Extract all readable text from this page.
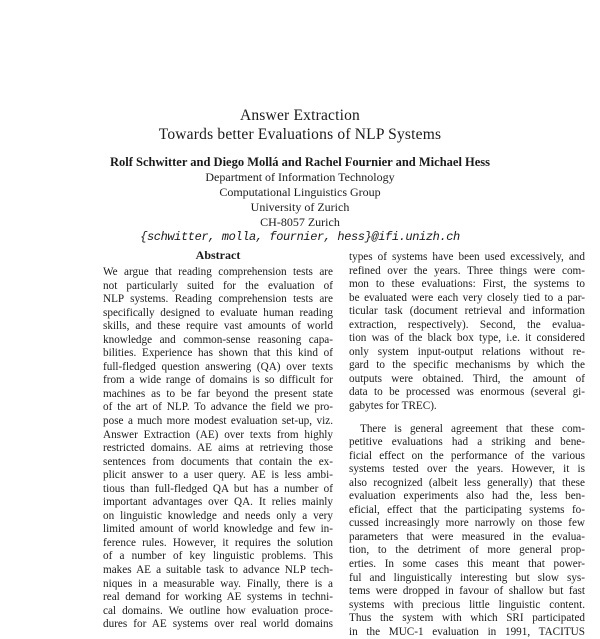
Answer Extraction
Towards better Evaluations of NLP Systems
Rolf Schwitter and Diego Mollá and Rachel Fournier and Michael Hess
Department of Information Technology
Computational Linguistics Group
University of Zurich
CH-8057 Zurich
{schwitter, molla, fournier, hess}@ifi.unizh.ch
Abstract
We argue that reading comprehension tests are
not particularly suited for the evaluation of
NLP systems. Reading comprehension tests are
specifically designed to evaluate human reading
skills, and these require vast amounts of world
knowledge and common-sense reasoning capa-
bilities. Experience has shown that this kind of
full-fledged question answering (QA) over texts
from a wide range of domains is so difficult for
machines as to be far beyond the present state
of the art of NLP. To advance the field we pro-
pose a much more modest evaluation set-up, viz.
Answer Extraction (AE) over texts from highly
restricted domains. AE aims at retrieving those
sentences from documents that contain the ex-
plicit answer to a user query. AE is less ambi-
tious than full-fledged QA but has a number of
important advantages over QA. It relies mainly
on linguistic knowledge and needs only a very
limited amount of world knowledge and few in-
ference rules. However, it requires the solution
of a number of key linguistic problems. This
makes AE a suitable task to advance NLP tech-
niques in a measurable way. Finally, there is a
real demand for working AE systems in techni-
cal domains. We outline how evaluation proce-
dures for AE systems over real world domains
types of systems have been used excessively, and
refined over the years. Three things were com-
mon to these evaluations: First, the systems to
be evaluated were each very closely tied to a par-
ticular task (document retrieval and information
extraction, respectively). Second, the evalua-
tion was of the black box type, i.e. it considered
only system input-output relations without re-
gard to the specific mechanisms by which the
outputs were obtained. Third, the amount of
data to be processed was enormous (several gi-
gabytes for TREC).
There is general agreement that these com-
petitive evaluations had a striking and bene-
ficial effect on the performance of the various
systems tested over the years. However, it is
also recognized (albeit less generally) that these
evaluation experiments also had the, less ben-
eficial, effect that the participating systems fo-
cussed increasingly more narrowly on those few
parameters that were measured in the evalua-
tion, to the detriment of more general prop-
erties. In some cases this meant that power-
ful and linguistically interesting but slow sys-
tems were dropped in favour of shallow but fast
systems with precious little linguistic content.
Thus the system with which SRI participated
in the MUC-1 evaluation in 1991, TACITUS
